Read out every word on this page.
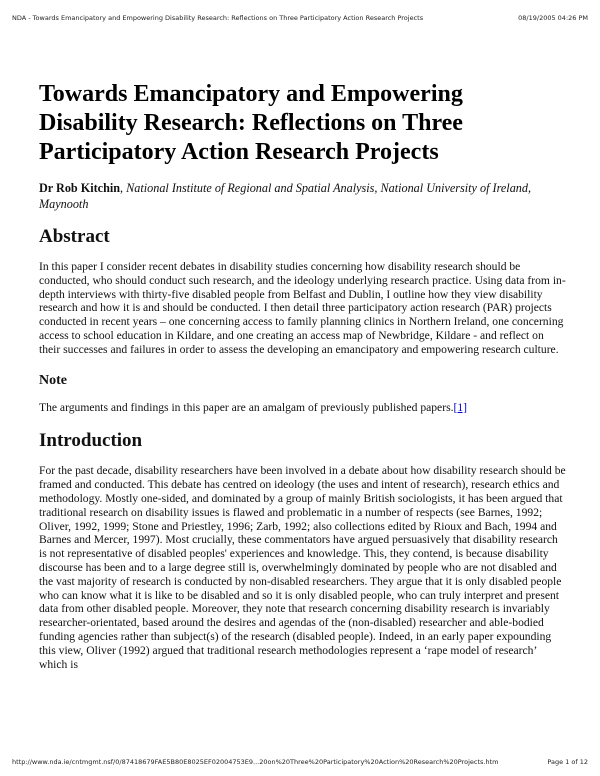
NDA - Towards Emancipatory and Empowering Disability Research: Reflections on Three Participatory Action Research Projects	08/19/2005 04:26 PM
Towards Emancipatory and Empowering Disability Research: Reflections on Three Participatory Action Research Projects
Dr Rob Kitchin, National Institute of Regional and Spatial Analysis, National University of Ireland, Maynooth
Abstract

In this paper I consider recent debates in disability studies concerning how disability research should be conducted, who should conduct such research, and the ideology underlying research practice. Using data from in-depth interviews with thirty-five disabled people from Belfast and Dublin, I outline how they view disability research and how it is and should be conducted. I then detail three participatory action research (PAR) projects conducted in recent years – one concerning access to family planning clinics in Northern Ireland, one concerning access to school education in Kildare, and one creating an access map of Newbridge, Kildare - and reflect on their successes and failures in order to assess the developing an emancipatory and empowering research culture.

Note

The arguments and findings in this paper are an amalgam of previously published papers.[1]

Introduction

For the past decade, disability researchers have been involved in a debate about how disability research should be framed and conducted. This debate has centred on ideology (the uses and intent of research), research ethics and methodology. Mostly one-sided, and dominated by a group of mainly British sociologists, it has been argued that traditional research on disability issues is flawed and problematic in a number of respects (see Barnes, 1992; Oliver, 1992, 1999; Stone and Priestley, 1996; Zarb, 1992; also collections edited by Rioux and Bach, 1994 and Barnes and Mercer, 1997). Most crucially, these commentators have argued persuasively that disability research is not representative of disabled peoples' experiences and knowledge. This, they contend, is because disability discourse has been and to a large degree still is, overwhelmingly dominated by people who are not disabled and the vast majority of research is conducted by non-disabled researchers. They argue that it is only disabled people who can know what it is like to be disabled and so it is only disabled people, who can truly interpret and present data from other disabled people. Moreover, they note that research concerning disability research is invariably researcher-orientated, based around the desires and agendas of the (non-disabled) researcher and able-bodied funding agencies rather than subject(s) of the research (disabled people). Indeed, in an early paper expounding this view, Oliver (1992) argued that traditional research methodologies represent a ‘rape model of research’ which is

http://www.nda.ie/cntmgmt.nsf/0/87418679FAE5B80E8025EF02004753E9...20on%20Three%20Participatory%20Action%20Research%20Projects.htm	Page 1 of 12
